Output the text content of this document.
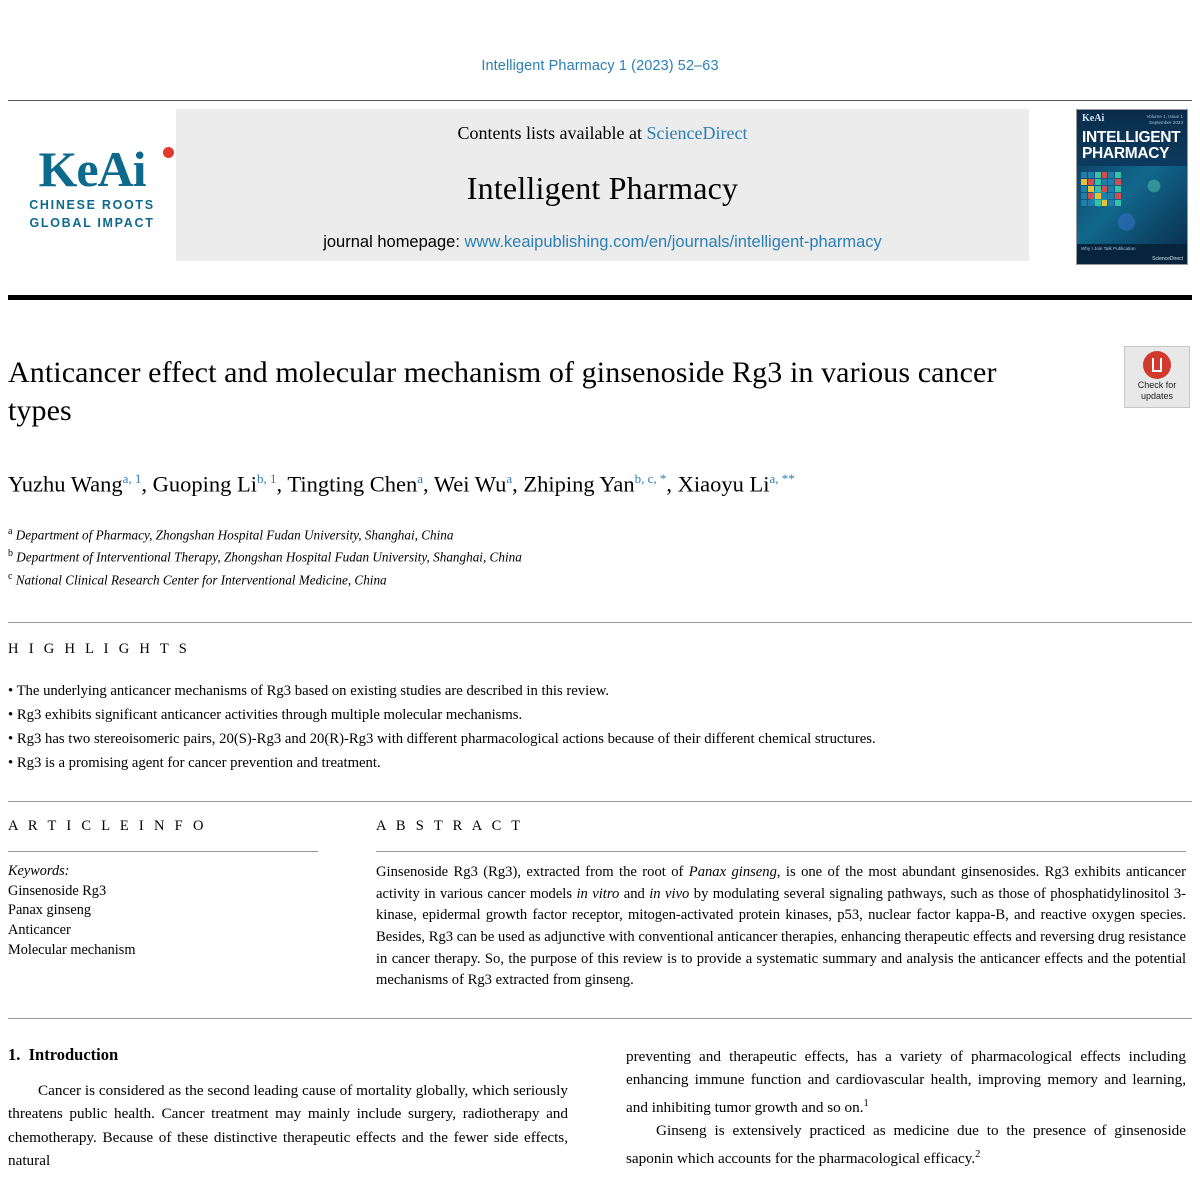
Intelligent Pharmacy 1 (2023) 52–63
KeAi
CHINESE ROOTS
GLOBAL IMPACT
Contents lists available at ScienceDirect
Intelligent Pharmacy
journal homepage: www.keaipublishing.com/en/journals/intelligent-pharmacy
KeAi	Volume 1, Issue 1
September 2023
INTELLIGENT
PHARMACY
Why I Join Talk Publication
ScienceDirect
Anticancer effect and molecular mechanism of ginsenoside Rg3 in various cancer types
Check for
updates
Yuzhu Wang$^{a, 1}$, Guoping Li$^{b, 1}$, Tingting Chen$^a$, Wei Wu$^a$, Zhiping Yan$^{b, c, *}$, Xiaoyu $Li^{a, **}$
$^a$ Department of Pharmacy, Zhongshan Hospital Fudan University, Shanghai, China
$^b$ Department of Interventional Therapy, Zhongshan Hospital Fudan University, Shanghai, China
$^c$ National Clinical Research Center for Interventional Medicine, China
H I G H L I G H T S
• The underlying anticancer mechanisms of Rg3 based on existing studies are described in this review.
• Rg3 exhibits significant anticancer activities through multiple molecular mechanisms.
• Rg3 has two stereoisomeric pairs, 20(S)-Rg3 and 20(R)-Rg3 with different pharmacological actions because of their different chemical structures.
• Rg3 is a promising agent for cancer prevention and treatment.
A R T I C L E I N F O
Keywords:
Ginsenoside Rg3
Panax ginseng
Anticancer
Molecular mechanism
A B S T R A C T
Ginsenoside Rg3 (Rg3), extracted from the root of Panax ginseng, is one of the most abundant ginsenosides. Rg3 exhibits anticancer activity in various cancer models in vitro and in vivo by modulating several signaling pathways, such as those of phosphatidylinositol 3-kinase, epidermal growth factor receptor, mitogen-activated protein kinases, p53, nuclear factor kappa-B, and reactive oxygen species. Besides, Rg3 can be used as adjunctive with conventional anticancer therapies, enhancing therapeutic effects and reversing drug resistance in cancer therapy. So, the purpose of this review is to provide a systematic summary and analysis the anticancer effects and the potential mechanisms of Rg3 extracted from ginseng.
1. Introduction
Cancer is considered as the second leading cause of mortality globally, which seriously threatens public health. Cancer treatment may mainly include surgery, radiotherapy and chemotherapy. Because of these distinctive therapeutic effects and the fewer side effects, natural
preventing and therapeutic effects, has a variety of pharmacological effects including enhancing immune function and cardiovascular health, improving memory and learning, and inhibiting tumor growth and so on.$^1$
Ginseng is extensively practiced as medicine due to the presence of ginsenoside saponin which accounts for the pharmacological efficacy.$^2$
